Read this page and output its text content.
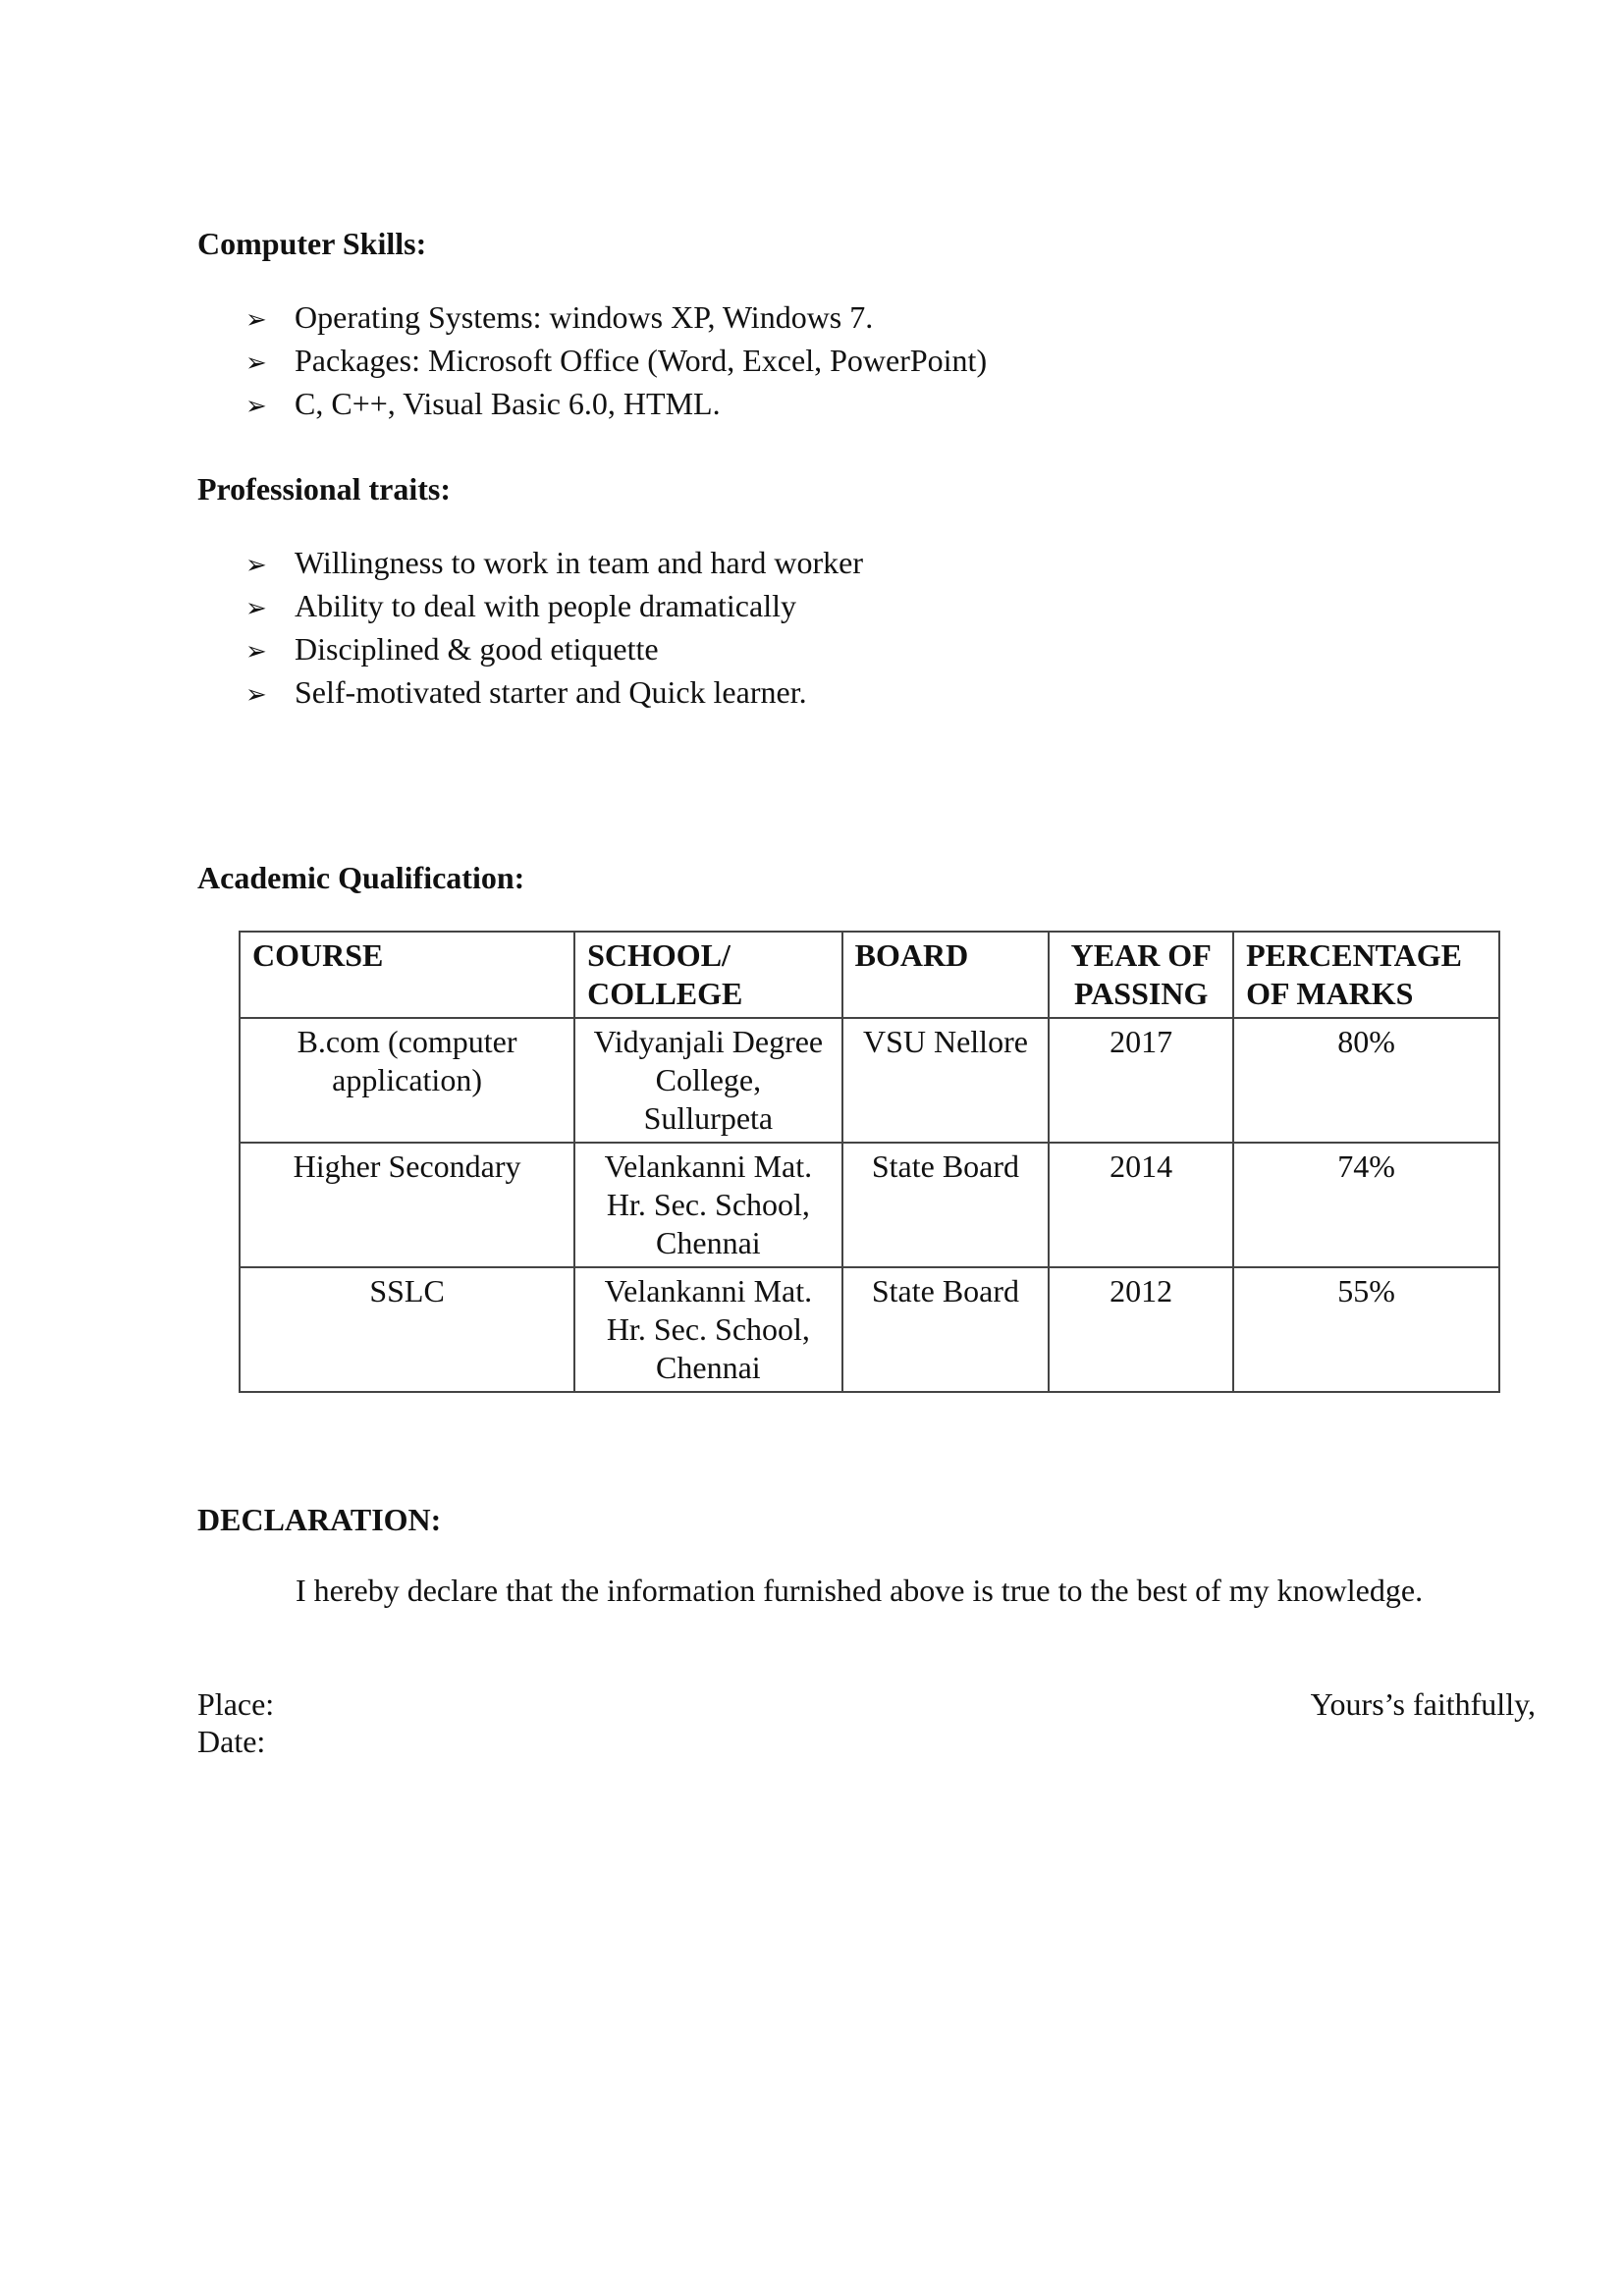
Computer Skills:
➢ Operating Systems: windows XP, Windows 7.
➢ Packages: Microsoft Office (Word, Excel, PowerPoint)
➢ C, C++, Visual Basic 6.0, HTML.
Professional traits:
➢ Willingness to work in team and hard worker
➢ Ability to deal with people dramatically
➢ Disciplined & good etiquette
➢ Self-motivated starter and Quick learner.
Academic Qualification:
COURSE	SCHOOL/ COLLEGE	BOARD	YEAR OF PASSING	PERCENTAGE OF MARKS
B.com (computer application)	Vidyanjali Degree College, Sullurpeta	VSU Nellore	2017	80%
Higher Secondary	Velankanni Mat. Hr. Sec. School, Chennai	State Board	2014	74%
SSLC	Velankanni Mat. Hr. Sec. School, Chennai	State Board	2012	55%
DECLARATION:

I hereby declare that the information furnished above is true to the best of my knowledge.

Place:

Date:

Yours’s faithfully,
